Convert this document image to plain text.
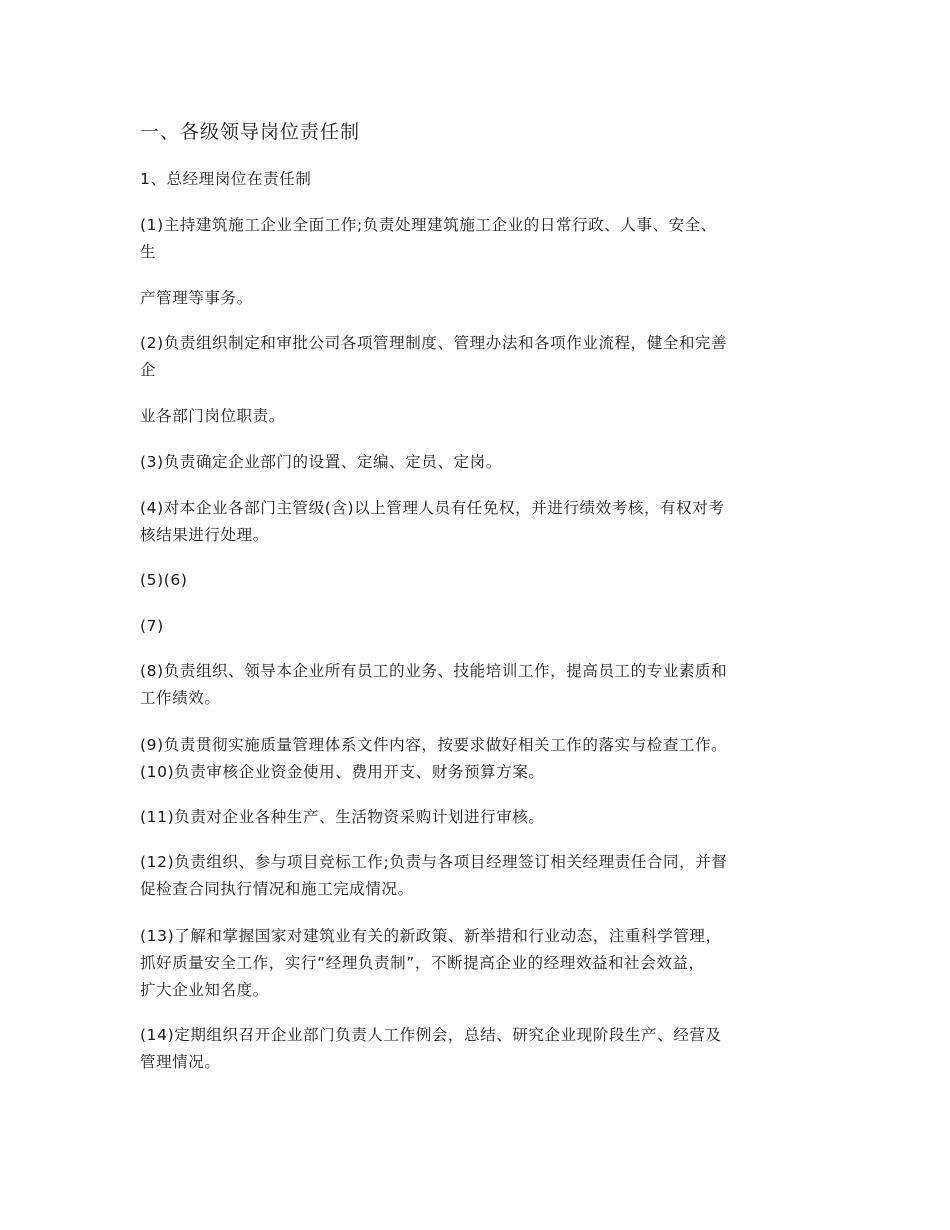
一、各级领导岗位责任制
1、总经理岗位在责任制
(1)主持建筑施工企业全面工作;负责处理建筑施工企业的日常行政、人事、安全、
生
产管理等事务。
(2)负责组织制定和审批公司各项管理制度、管理办法和各项作业流程，健全和完善
企
业各部门岗位职责。
(3)负责确定企业部门的设置、定编、定员、定岗。
(4)对本企业各部门主管级(含)以上管理人员有任免权，并进行绩效考核，有权对考
核结果进行处理。
(5)(6)
(7)
(8)负责组织、领导本企业所有员工的业务、技能培训工作，提高员工的专业素质和
工作绩效。
(9)负责贯彻实施质量管理体系文件内容，按要求做好相关工作的落实与检查工作。
(10)负责审核企业资金使用、费用开支、财务预算方案。
(11)负责对企业各种生产、生活物资采购计划进行审核。
(12)负责组织、参与项目竞标工作;负责与各项目经理签订相关经理责任合同，并督
促检查合同执行情况和施工完成情况。
(13)了解和掌握国家对建筑业有关的新政策、新举措和行业动态，注重科学管理，
抓好质量安全工作，实行“经理负责制”，不断提高企业的经理效益和社会效益，
扩大企业知名度。
(14)定期组织召开企业部门负责人工作例会，总结、研究企业现阶段生产、经营及
管理情况。
